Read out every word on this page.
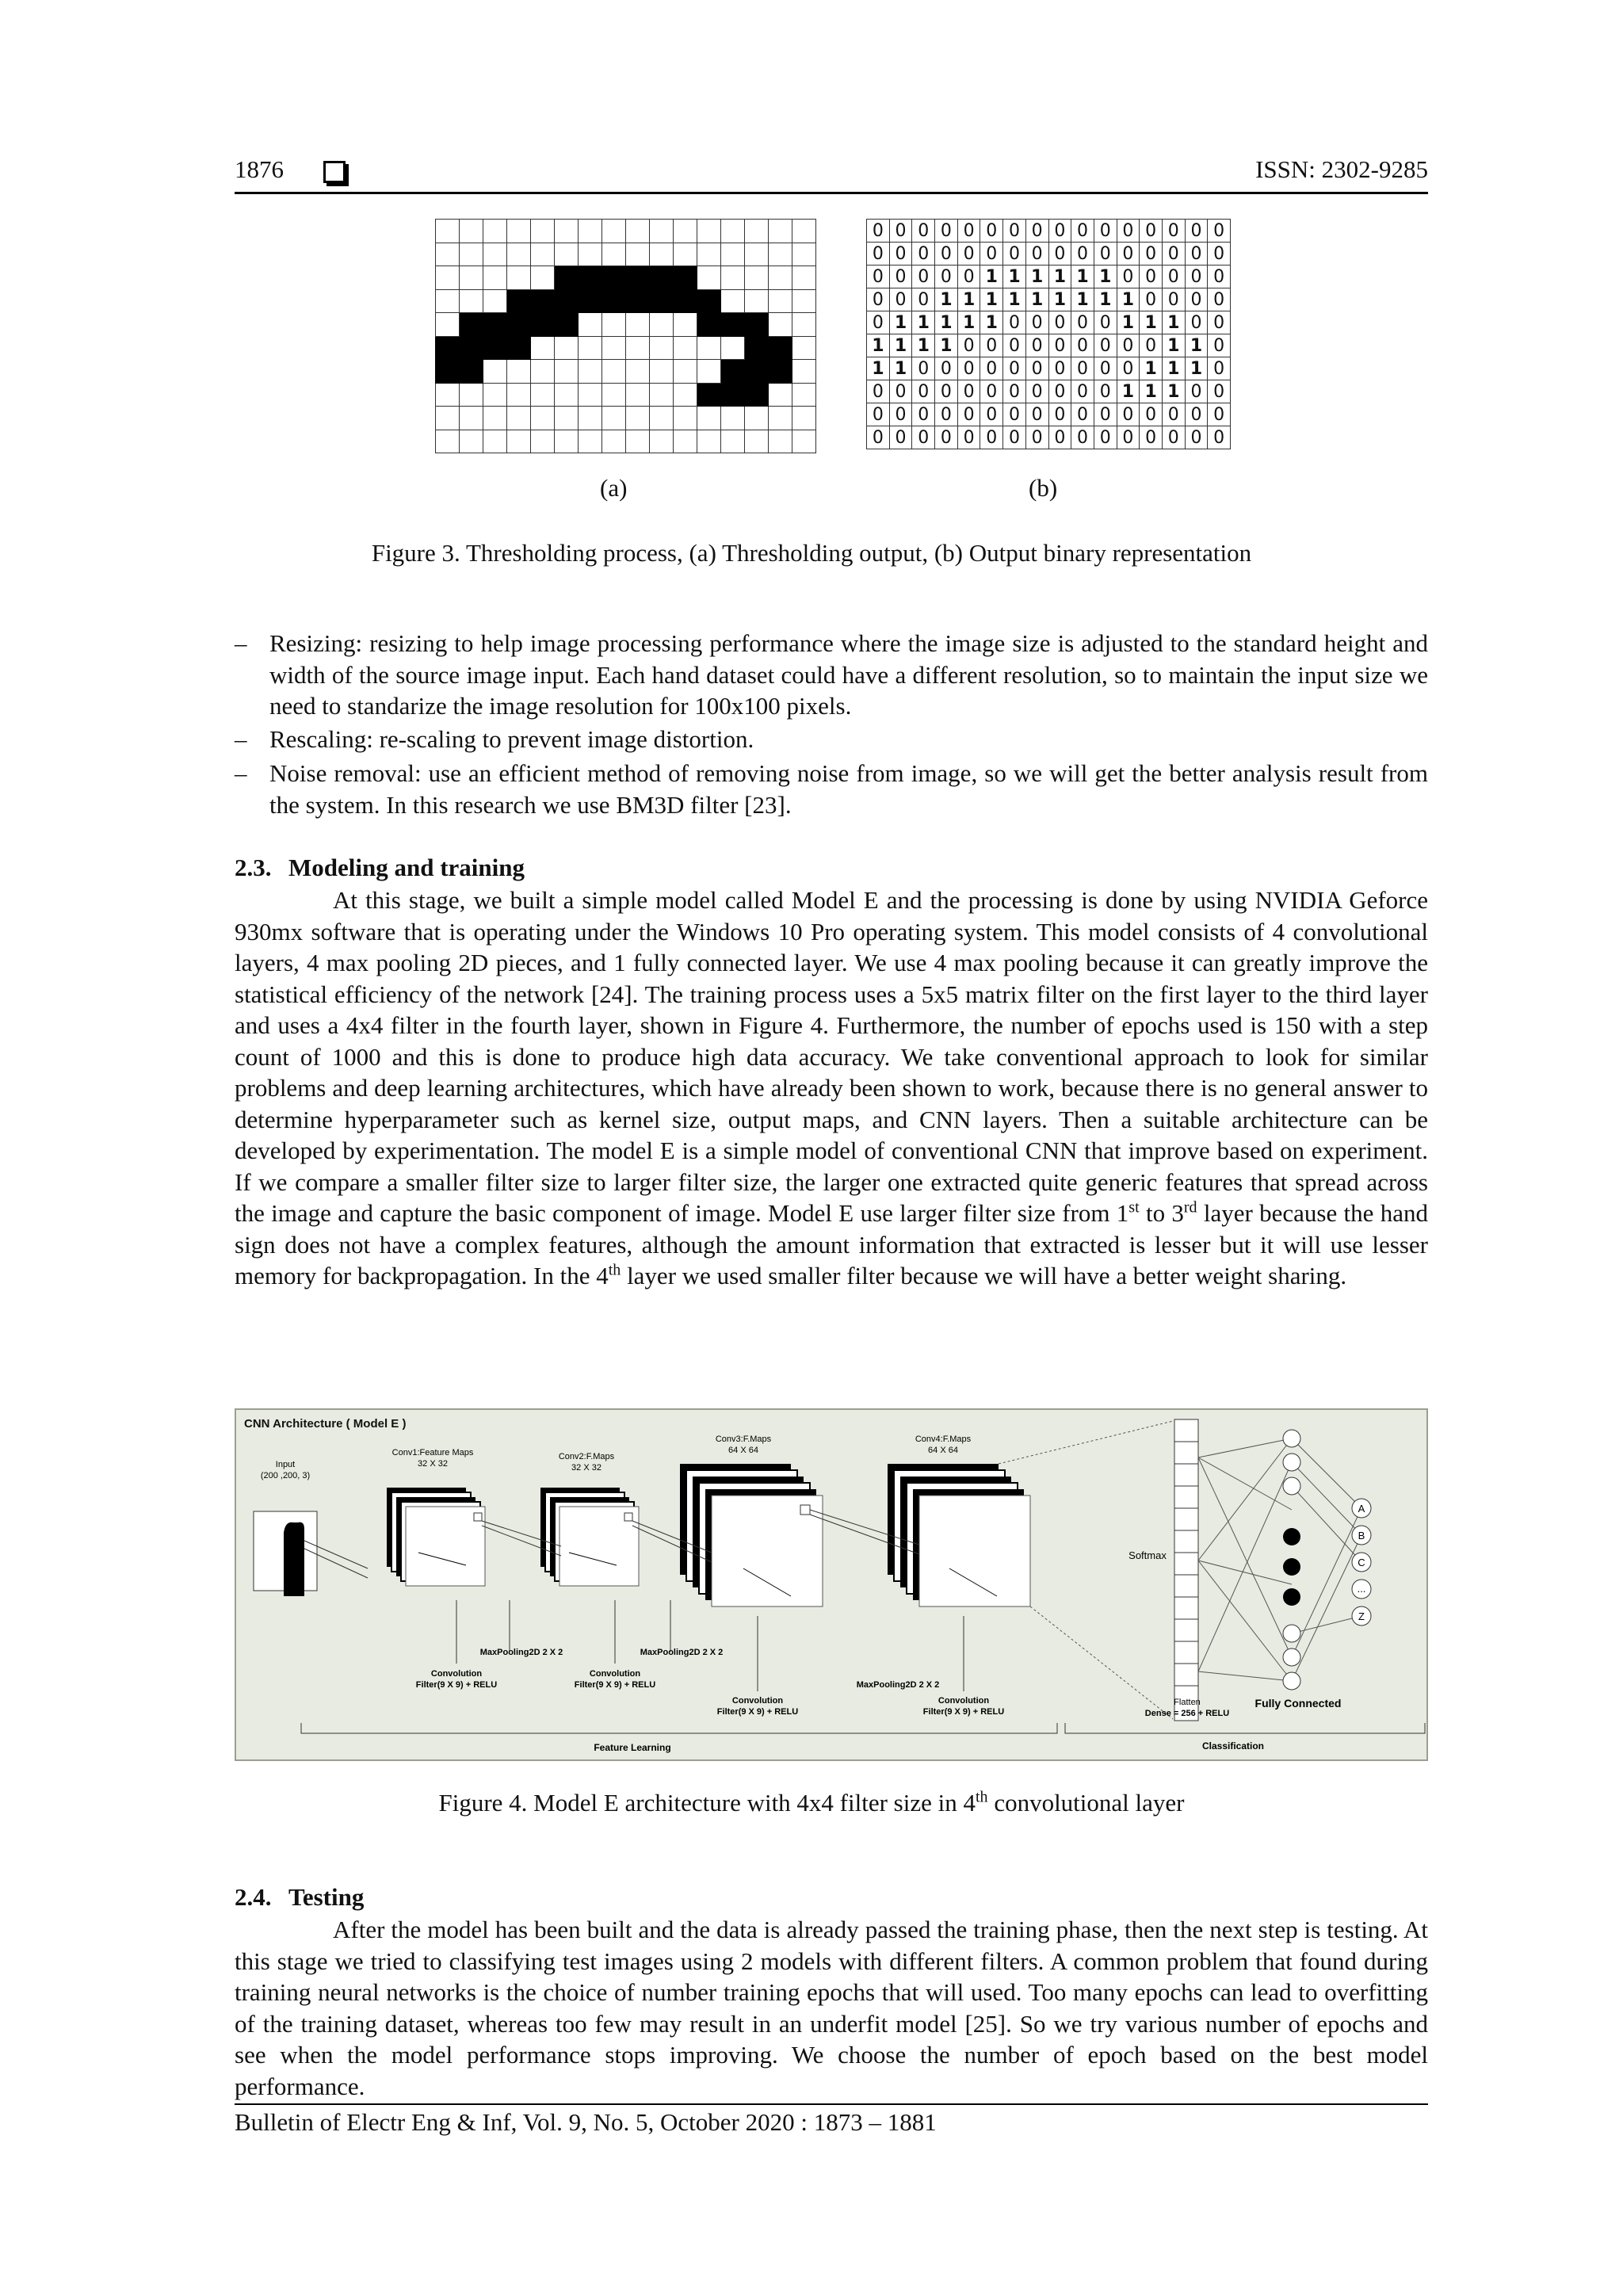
1876	ISSN: 2302-9285

0	0	0	0	0	0	0	0	0	0	0	0	0	0	0	0
0	0	0	0	0	0	0	0	0	0	0	0	0	0	0	0
0	0	0	0	0	1	1	1	1	1	1	0	0	0	0	0
0	0	0	1	1	1	1	1	1	1	1	1	0	0	0	0
0	1	1	1	1	1	0	0	0	0	0	1	1	1	0	0
1	1	1	1	0	0	0	0	0	0	0	0	0	1	1	0
1	1	0	0	0	0	0	0	0	0	0	0	1	1	1	0
0	0	0	0	0	0	0	0	0	0	0	1	1	1	0	0
0	0	0	0	0	0	0	0	0	0	0	0	0	0	0	0
0	0	0	0	0	0	0	0	0	0	0	0	0	0	0	0
(a)	(b)
Figure 3. Thresholding process, (a) Thresholding output, (b) Output binary representation
– Resizing: resizing to help image processing performance where the image size is adjusted to the standard height and width of the source image input. Each hand dataset could have a different resolution, so to maintain the input size we need to standarize the image resolution for 100x100 pixels.
– Rescaling: re-scaling to prevent image distortion.
– Noise removal: use an efficient method of removing noise from image, so we will get the better analysis result from the system. In this research we use BM3D filter [23].
2.3. Modeling and training
At this stage, we built a simple model called Model E and the processing is done by using NVIDIA Geforce 930mx software that is operating under the Windows 10 Pro operating system. This model consists of 4 convolutional layers, 4 max pooling 2D pieces, and 1 fully connected layer. We use 4 max pooling because it can greatly improve the statistical efficiency of the network [24]. The training process uses a 5x5 matrix filter on the first layer to the third layer and uses a 4x4 filter in the fourth layer, shown in Figure 4. Furthermore, the number of epochs used is 150 with a step count of 1000 and this is done to produce high data accuracy. We take conventional approach to look for similar problems and deep learning architectures, which have already been shown to work, because there is no general answer to determine hyperparameter such as kernel size, output maps, and CNN layers. Then a suitable architecture can be developed by experimentation. The model E is a simple model of conventional CNN that improve based on experiment. If we compare a smaller filter size to larger filter size, the larger one extracted quite generic features that spread across the image and capture the basic component of image. Model E use larger filter size from 1st to 3rd layer because the hand sign does not have a complex features, although the amount information that extracted is lesser but it will use lesser memory for backpropagation. In the 4th layer we used smaller filter because we will have a better weight sharing.
CNN Architecture ( Model E )
Input
(200 ,200, 3)
Conv1:Feature Maps
32 X 32
Conv2:F.Maps
32 X 32
Conv3:F.Maps
64 X 64
Conv4:F.Maps
64 X 64
Softmax
A
B
C
...
Z
Fully Connected
Convolution
Filter(9 X 9) + RELU
MaxPooling2D 2 X 2
Convolution
Filter(9 X 9) + RELU
MaxPooling2D 2 X 2
Convolution
Filter(9 X 9) + RELU
MaxPooling2D 2 X 2
Convolution
Filter(9 X 9) + RELU
Flatten
Dense = 256 + RELU
Feature Learning	Classification
Figure 4. Model E architecture with 4x4 filter size in 4th convolutional layer
2.4. Testing
After the model has been built and the data is already passed the training phase, then the next step is testing. At this stage we tried to classifying test images using 2 models with different filters. A common problem that found during training neural networks is the choice of number training epochs that will used. Too many epochs can lead to overfitting of the training dataset, whereas too few may result in an underfit model [25]. So we try various number of epochs and see when the model performance stops improving. We choose the number of epoch based on the best model performance.
Bulletin of Electr Eng & Inf, Vol. 9, No. 5, October 2020 : 1873 – 1881
